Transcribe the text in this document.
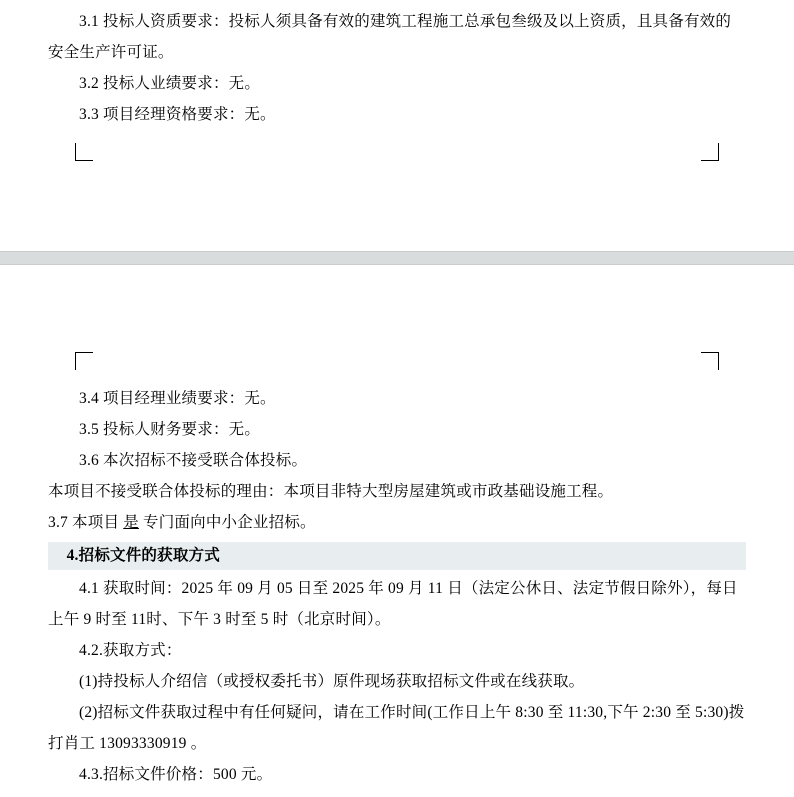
3.1 投标人资质要求：投标人须具备有效的建筑工程施工总承包叁级及以上资质，且具备有效的安全生产许可证。

3.2 投标人业绩要求：无。

3.3 项目经理资格要求：无。

3.4 项目经理业绩要求：无。

3.5 投标人财务要求：无。

3.6 本次招标不接受联合体投标。

本项目不接受联合体投标的理由：本项目非特大型房屋建筑或市政基础设施工程。

3.7 本项目 是 专门面向中小企业招标。

4.招标文件的获取方式

4.1 获取时间：2025 年 09 月 05 日至 2025 年 09 月 11 日（法定公休日、法定节假日除外），每日上午 9 时至 11时、下午 3 时至 5 时（北京时间）。

4.2.获取方式：

(1)持投标人介绍信（或授权委托书）原件现场获取招标文件或在线获取。

(2)招标文件获取过程中有任何疑问，请在工作时间(工作日上午 8:30 至 11:30,下午 2:30 至 5:30)拨打肖工 13093330919 。

4.3.招标文件价格：500 元。
